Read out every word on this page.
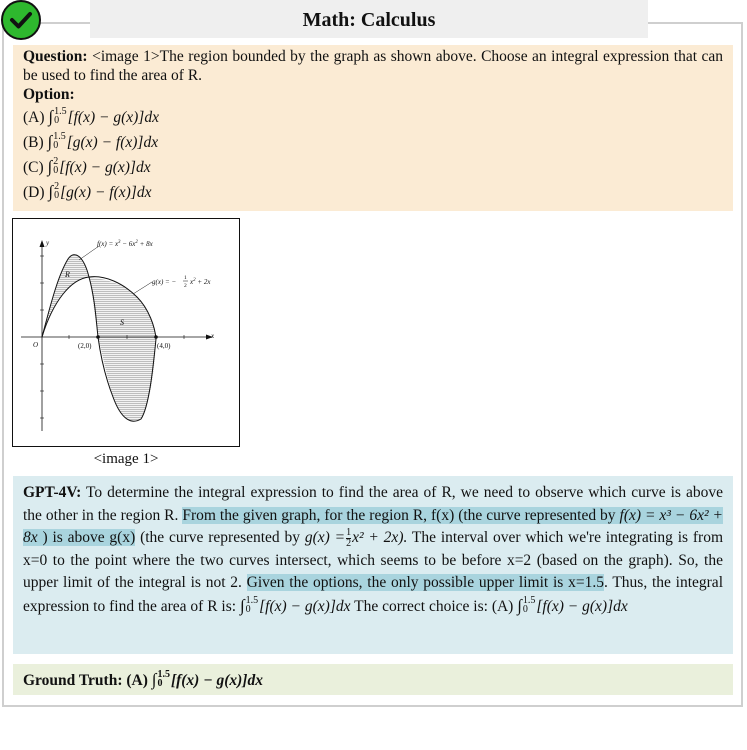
Math: Calculus
Question: <image 1>The region bounded by the graph as shown above. Choose an integral expression that can be used to find the area of R.
Option:
(A) ∫ 1.5
0 [f(x) − g(x)]dx
(B) ∫ 1.5
0 [g(x) − f(x)]dx
(C) ∫ 2
0 [f(x) − g(x)]dx
(D) ∫ 2
0 [g(x) − f(x)]dx
$f(x) = x^3 - 6x^2 + 8x$
g(x) = − 1
2 $x^2 + 2x$
R
S
x
y
O	(2,0)	(4,0)
<image 1>
GPT-4V: To determine the integral expression to find the area of R, we need to observe which curve is above the other in the region R. From the given graph, for the region R, f(x) (the curve represented by f(x) = x³ − 6x² + 8x ) is above g(x) (the curve represented by $g(x) = \frac{1}{2} x^2 + 2x$). The interval over which we're integrating is from x=0 to the point where the two curves intersect, which seems to be before x=2 (based on the graph). So, the upper limit of the integral is not 2. Given the options, the only possible upper limit is x=1.5. Thus, the integral expression to find the area of R is: ∫ 1.5
0 [f(x) − g(x)]dx The correct choice is: (A) ∫ 1.5
0 [f(x) − g(x)]dx
Ground Truth: (A) ∫ 1.5
0 [f(x) − g(x)]dx
